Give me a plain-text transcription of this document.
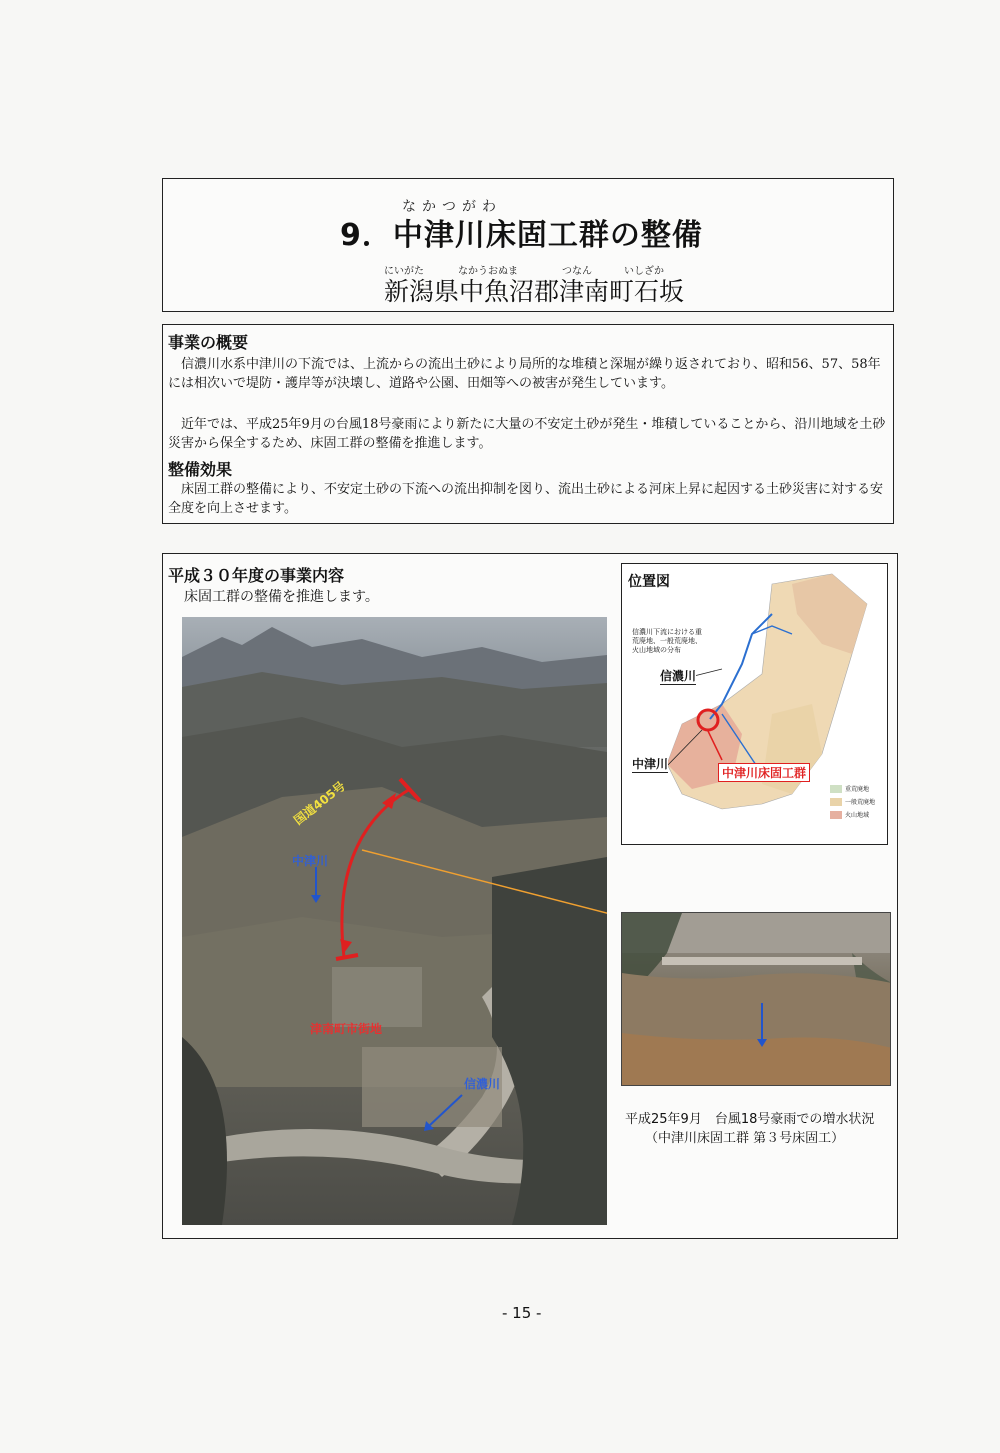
なかつがわ
9．中津川床固工群の整備
にいがた	なかうおぬま	つなん	いしざか
新潟県中魚沼郡津南町石坂
事業の概要

信濃川水系中津川の下流では、上流からの流出土砂により局所的な堆積と深堀が繰り返されており、昭和56、57、58年には相次いで堤防・護岸等が決壊し、道路や公園、田畑等への被害が発生しています。

近年では、平成25年9月の台風18号豪雨により新たに大量の不安定土砂が発生・堆積していることから、沿川地域を土砂災害から保全するため、床固工群の整備を推進します。

整備効果

床固工群の整備により、不安定土砂の下流への流出抑制を図り、流出土砂による河床上昇に起因する土砂災害に対する安全度を向上させます。

平成３０年度の事業内容
床固工群の整備を推進します。
国道405号
中津川
津南町市街地
信濃川
位置図
信濃川下流における重荒廃地、一般荒廃地、火山地域の分布
信濃川
中津川
中津川床固工群
重荒廃地
一般荒廃地
火山地域
平成25年9月　台風18号豪雨での増水状況
（中津川床固工群 第３号床固工）
- 15 -
